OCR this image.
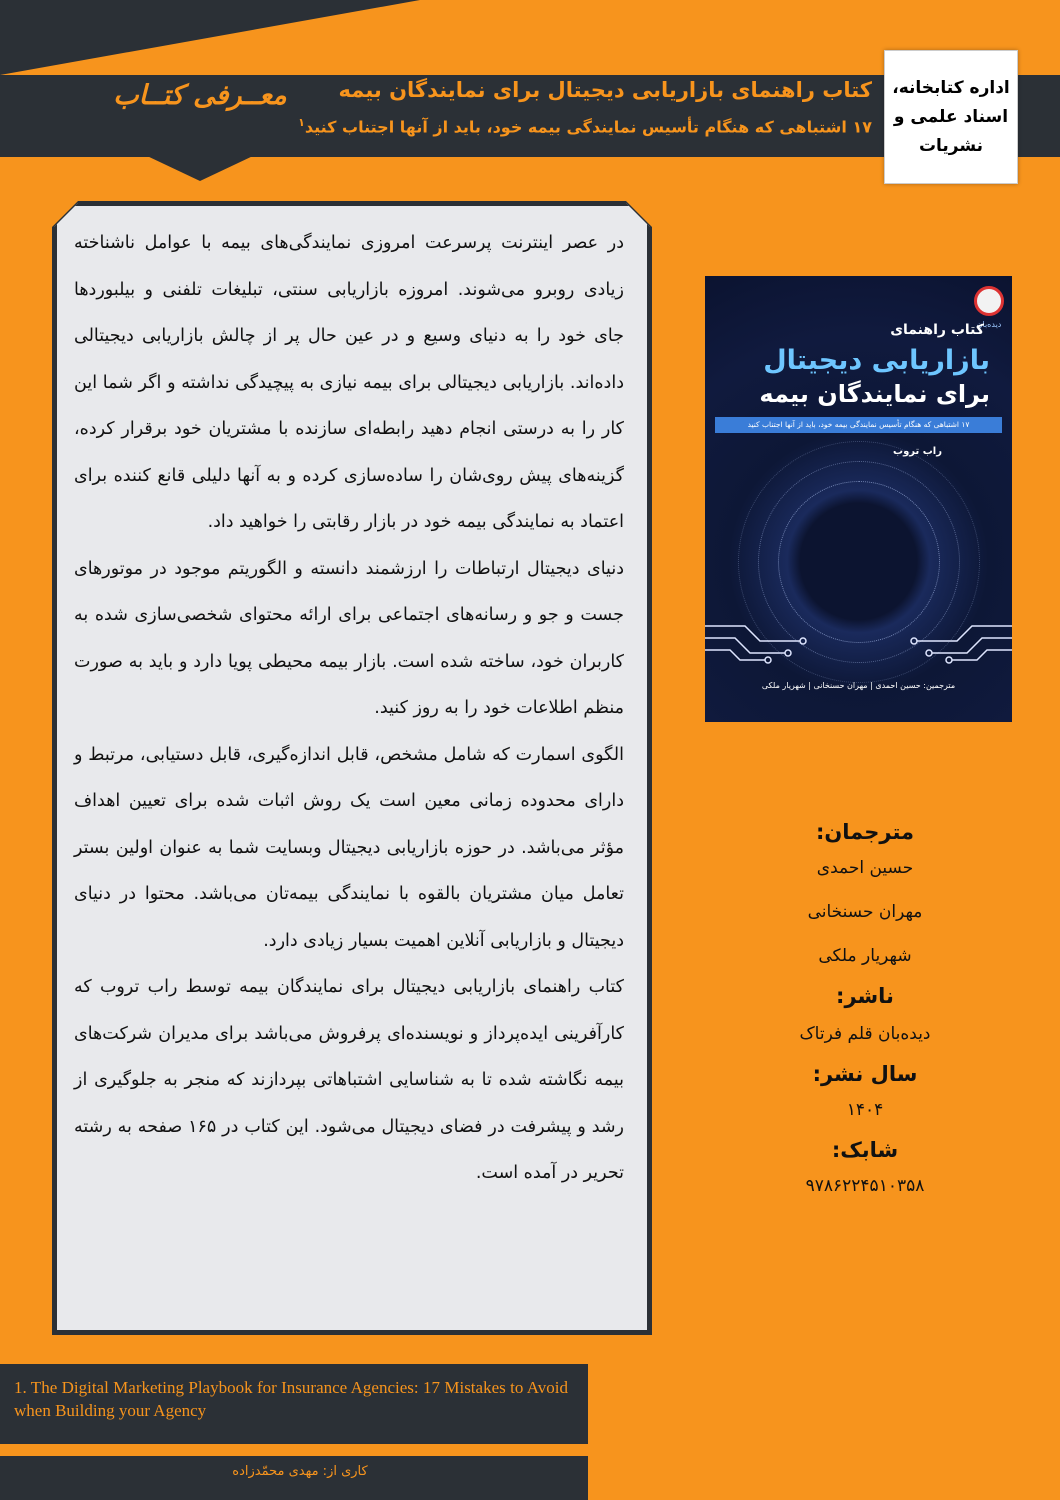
معــرفی کتــاب	کتاب راهنمای بازاریابی دیجیتال برای نمایندگان بیمه
۱۷ اشتباهی که هنگام تأسیس نمایندگی بیمه خود، باید از آنها اجتناب کنید$^۱$
اداره کتابخانه،
اسناد علمی و
نشریات

در عصر اینترنت پرسرعت امروزی نمایندگی‌های بیمه با عوامل ناشناخته زیادی روبرو می‌شوند. امروزه بازاریابی سنتی، تبلیغات تلفنی و بیلبوردها جای خود را به دنیای وسیع و در عین حال پر از چالش بازاریابی دیجیتالی داده‌اند. بازاریابی دیجیتالی برای بیمه نیازی به پیچیدگی نداشته و اگر شما این کار را به درستی انجام دهید رابطه‌ای سازنده با مشتریان خود برقرار کرده، گزینه‌های پیش روی‌شان را ساده‌سازی کرده و به آنها دلیلی قانع کننده برای اعتماد به نمایندگی بیمه خود در بازار رقابتی را خواهید داد.

دنیای دیجیتال ارتباطات را ارزشمند دانسته و الگوریتم موجود در موتورهای جست و جو و رسانه‌های اجتماعی برای ارائه محتوای شخصی‌سازی شده به کاربران خود، ساخته شده است. بازار بیمه محیطی پویا دارد و باید به صورت منظم اطلاعات خود را به روز کنید.

الگوی اسمارت که شامل مشخص، قابل اندازه‌گیری، قابل دستیابی، مرتبط و دارای محدوده زمانی معین است یک روش اثبات شده برای تعیین اهداف مؤثر می‌باشد. در حوزه بازاریابی دیجیتال وبسایت شما به عنوان اولین بستر تعامل میان مشتریان بالقوه با نمایندگی بیمه‌تان می‌باشد. محتوا در دنیای دیجیتال و بازاریابی آنلاین اهمیت بسیار زیادی دارد.

کتاب راهنمای بازاریابی دیجیتال برای نمایندگان بیمه توسط راب تروب که کارآفرینی ایده‌پرداز و نویسنده‌ای پرفروش می‌باشد برای مدیران شرکت‌های بیمه نگاشته شده تا به شناسایی اشتباهاتی بپردازند که منجر به جلوگیری از رشد و پیشرفت در فضای دیجیتال می‌شود. این کتاب در ۱۶۵ صفحه به رشته تحریر در آمده است.

دیده‌بان
کتاب راهنمای
بازاریابی دیجیتال
برای نمایندگان بیمه
۱۷ اشتباهی که هنگام تأسیس نمایندگی بیمه خود، باید از آنها اجتناب کنید
راب تروب
مترجمین: حسین احمدی | مهران حسنخانی | شهریار ملکی
مترجمان:
حسین احمدی
مهران حسنخانی
شهریار ملکی
ناشر:
دیده‌بان قلم فرتاک
سال نشر:
۱۴۰۴
شابک:
۹۷۸۶۲۲۴۵۱۰۳۵۸
1. The Digital Marketing Playbook for Insurance Agencies: 17 Mistakes to Avoid when Building your Agency
کاری از: مهدی محمّدزاده
